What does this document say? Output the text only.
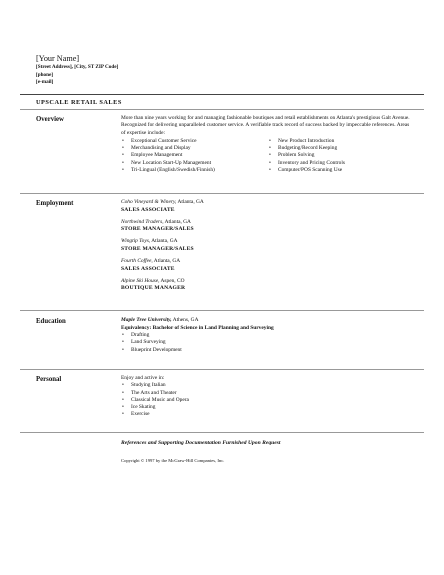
[Your Name]
[Street Address], [City, ST ZIP Code]
[phone]
[e-mail]
UPSCALE RETAIL SALES
Overview	More than nine years working for and managing fashionable boutiques and retail establishments on Atlanta's prestigious Galt Avenue. Recognized for delivering unparalleled customer service. A verifiable track record of success backed by impeccable references. Areas of expertise include:
• Exceptional Customer Service
• Merchandising and Display
• Employee Management
• New Location Start-Up Management
• Tri-Lingual (English/Swedish/Finnish)
• New Product Introduction
• Budgeting/Record Keeping
• Problem Solving
• Inventory and Pricing Controls
• Computer/POS Scanning Use
Employment	Coho Vineyard & Winery, Atlanta, GA
SALES ASSOCIATE
Northwind Traders, Atlanta, GA
STORE MANAGER/SALES
Wingtip Toys, Atlanta, GA
STORE MANAGER/SALES
Fourth Coffee, Atlanta, GA
SALES ASSOCIATE
Alpine Ski House, Aspen, CO
BOUTIQUE MANAGER
Education	Maple Tree University, Athens, GA
Equivalency: Bachelor of Science in Land Planning and Surveying
• Drafting
• Land Surveying
• Blueprint Development
Personal	Enjoy and active in:
• Studying Italian
• The Arts and Theater
• Classical Music and Opera
• Ice Skating
• Exercise
References and Supporting Documentation Furnished Upon Request
Copyright © 1997 by the McGraw-Hill Companies, Inc.
